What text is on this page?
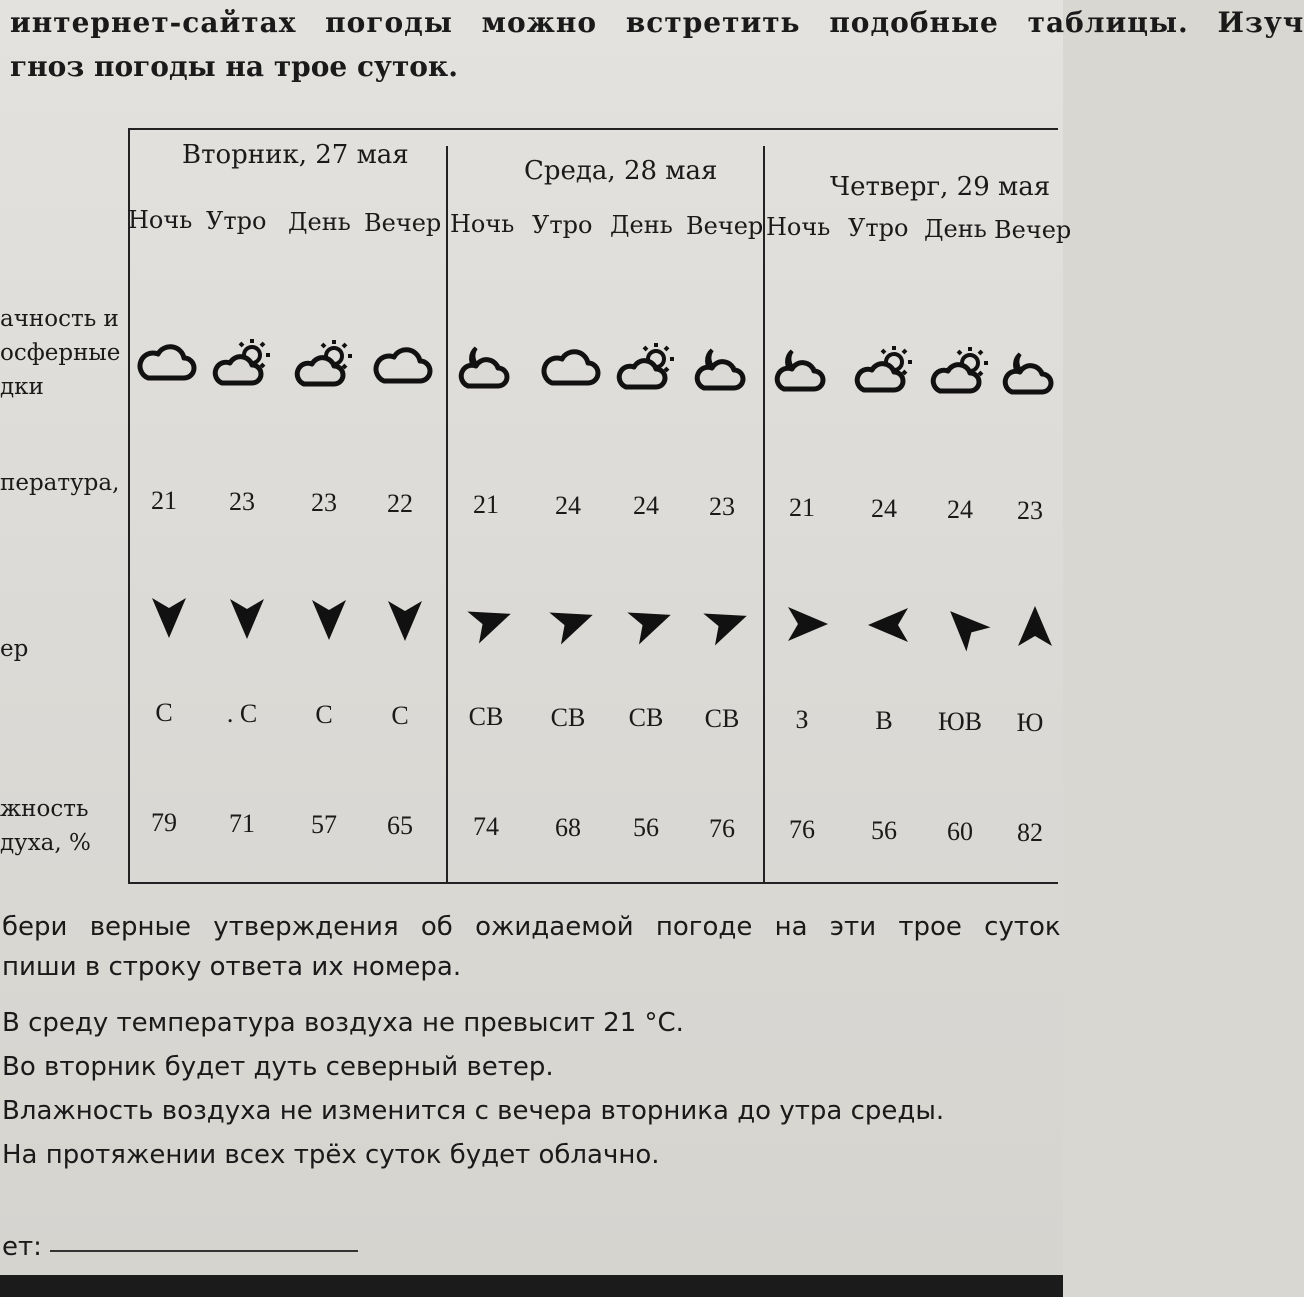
интернет-сайтах погоды можно встретить подобные таблицы. Изуч
гноз погоды на трое суток.
ачность и
осферные
дки
пература,
ер
жность
духа, %
Вторник, 27 мая
Ночь
21
С
79
Утро
23
. С
71
День
23
С
57
Вечер
22
С
65
Среда, 28 мая
Ночь
21
СВ
74
Утро
24
СВ
68
День
24
СВ
56
Вечер
23
СВ
76
Четверг, 29 мая
Ночь
21
З
76
Утро
24
В
56
День
24
ЮВ
60
Вечер
23
Ю
82
бери верные утверждения об ожидаемой погоде на эти трое суток
пиши в строку ответа их номера.
В среду температура воздуха не превысит 21 °С.
Во вторник будет дуть северный ветер.
Влажность воздуха не изменится с вечера вторника до утра среды.
На протяжении всех трёх суток будет облачно.
ет:
